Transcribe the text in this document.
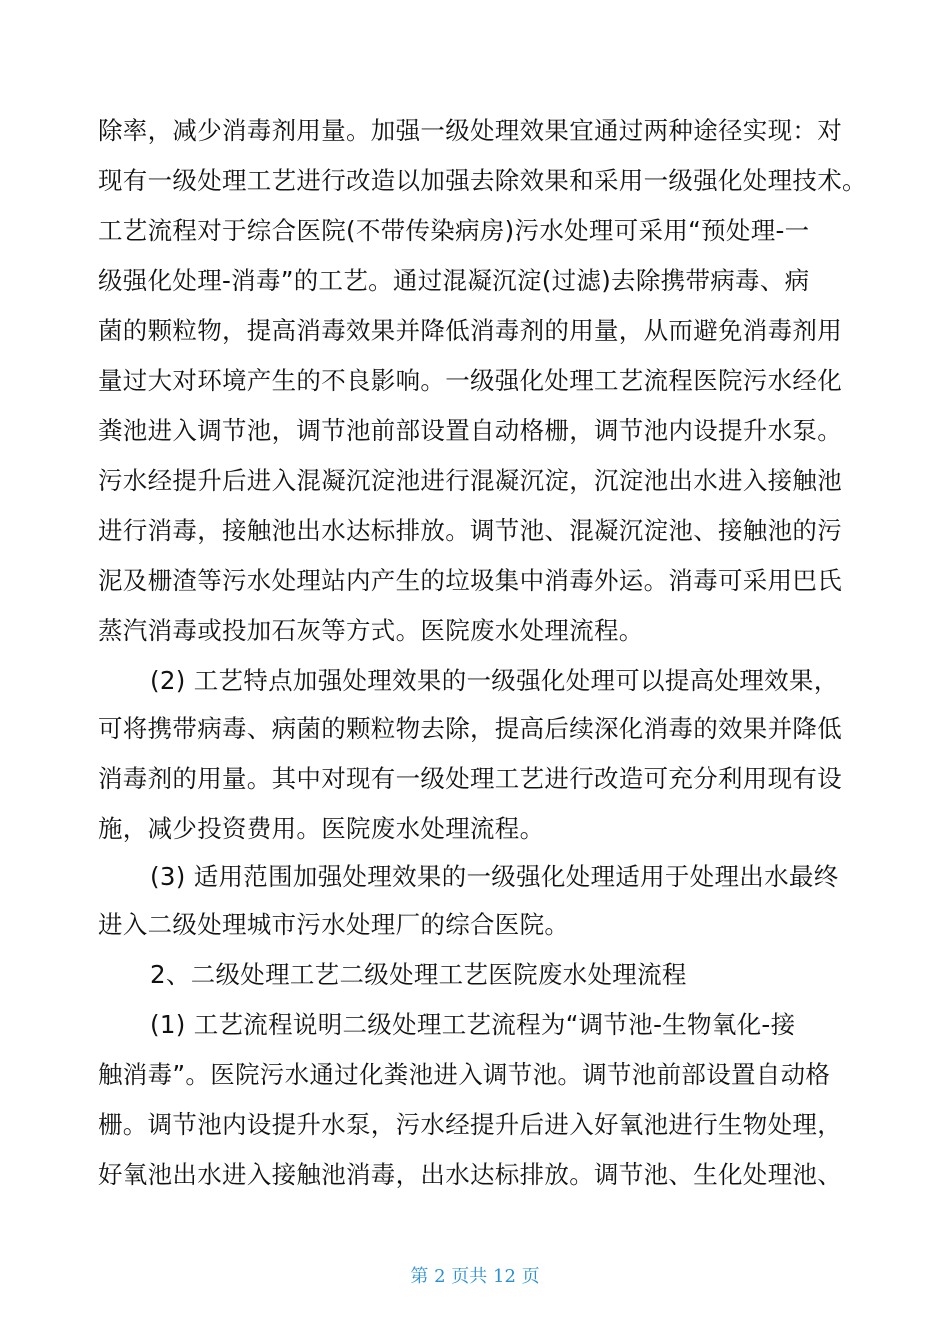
除率，减少消毒剂用量。加强一级处理效果宜通过两种途径实现：对
现有一级处理工艺进行改造以加强去除效果和采用一级强化处理技术。
工艺流程对于综合医院(不带传染病房)污水处理可采用“预处理-一
级强化处理-消毒”的工艺。通过混凝沉淀(过滤)去除携带病毒、病
菌的颗粒物，提高消毒效果并降低消毒剂的用量，从而避免消毒剂用
量过大对环境产生的不良影响。一级强化处理工艺流程医院污水经化
粪池进入调节池，调节池前部设置自动格栅，调节池内设提升水泵。
污水经提升后进入混凝沉淀池进行混凝沉淀，沉淀池出水进入接触池
进行消毒，接触池出水达标排放。调节池、混凝沉淀池、接触池的污
泥及栅渣等污水处理站内产生的垃圾集中消毒外运。消毒可采用巴氏
蒸汽消毒或投加石灰等方式。医院废水处理流程。
(2) 工艺特点加强处理效果的一级强化处理可以提高处理效果，
可将携带病毒、病菌的颗粒物去除，提高后续深化消毒的效果并降低
消毒剂的用量。其中对现有一级处理工艺进行改造可充分利用现有设
施，减少投资费用。医院废水处理流程。
(3) 适用范围加强处理效果的一级强化处理适用于处理出水最终
进入二级处理城市污水处理厂的综合医院。
2、二级处理工艺二级处理工艺医院废水处理流程
(1) 工艺流程说明二级处理工艺流程为“调节池-生物氧化-接
触消毒”。医院污水通过化粪池进入调节池。调节池前部设置自动格
栅。调节池内设提升水泵，污水经提升后进入好氧池进行生物处理，
好氧池出水进入接触池消毒，出水达标排放。调节池、生化处理池、
第 2 页共 12 页
